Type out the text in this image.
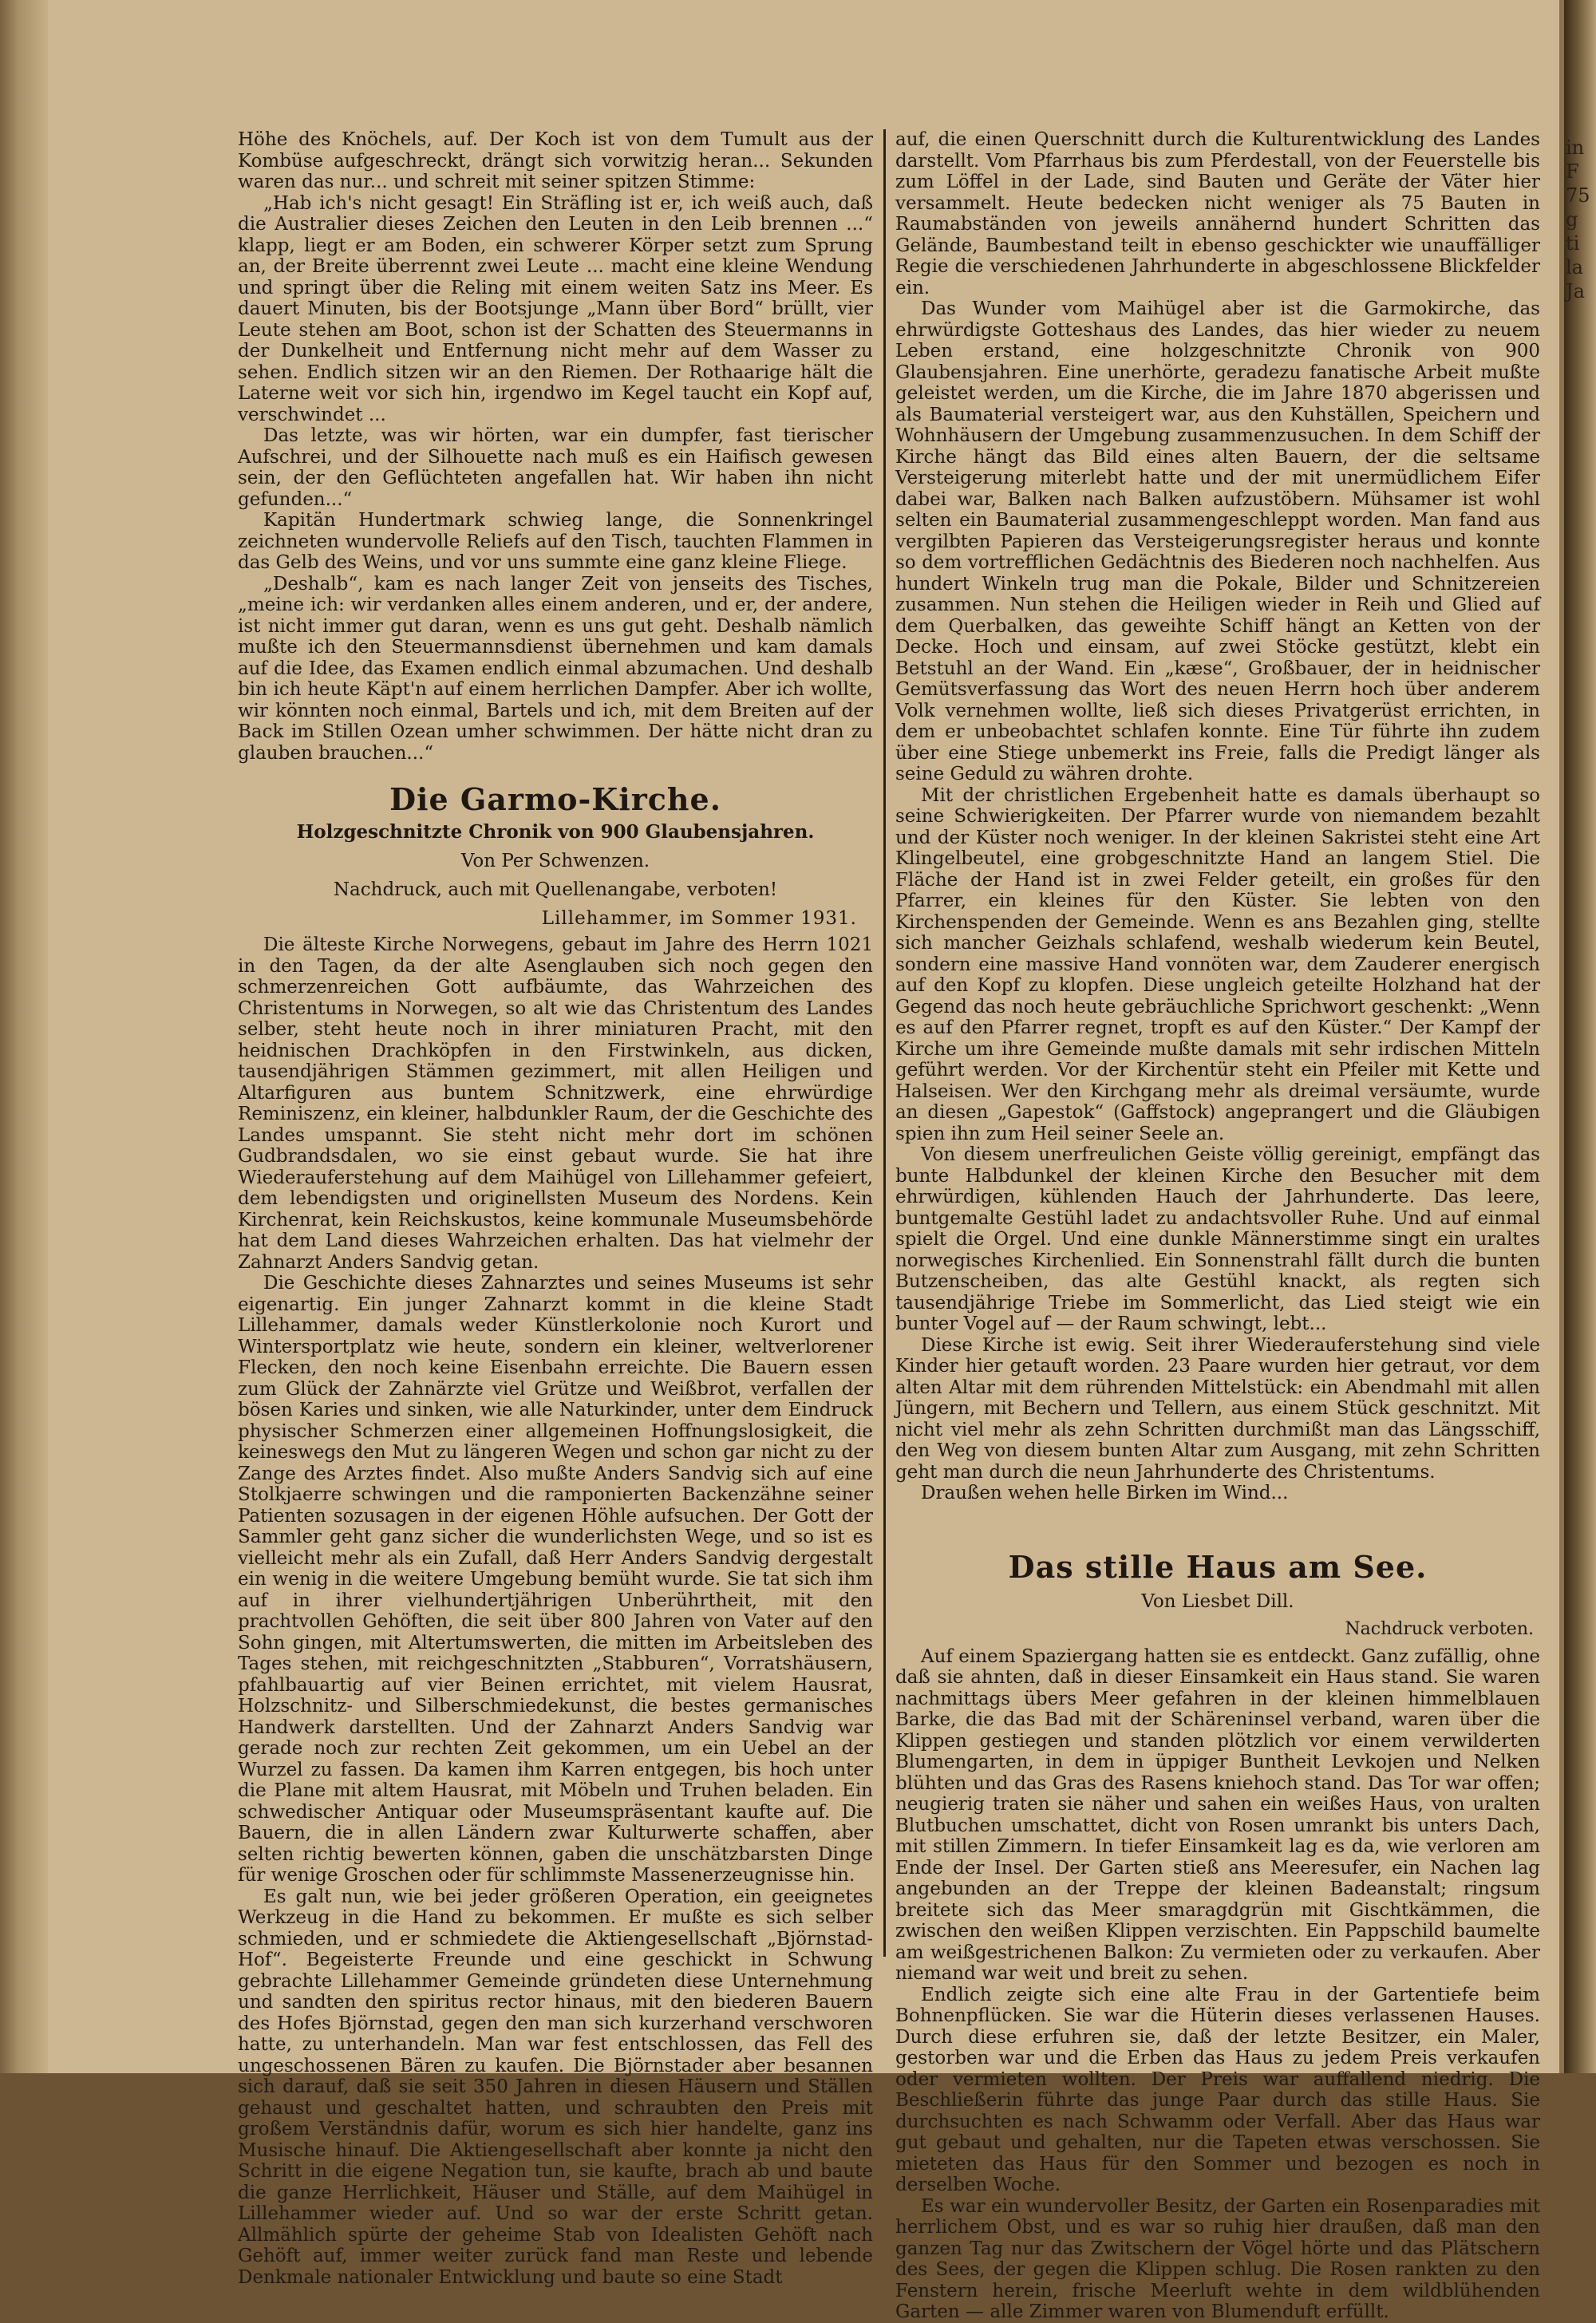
in
F
75
g
ti
la
Ja

Höhe des Knöchels, auf. Der Koch ist von dem Tumult aus der Kombüse aufgeschreckt, drängt sich vorwitzig heran... Sekunden waren das nur... und schreit mit seiner spitzen Stimme:

„Hab ich's nicht gesagt! Ein Sträfling ist er, ich weiß auch, daß die Australier dieses Zeichen den Leuten in den Leib brennen ...“ klapp, liegt er am Boden, ein schwerer Körper setzt zum Sprung an, der Breite überrennt zwei Leute ... macht eine kleine Wendung und springt über die Reling mit einem weiten Satz ins Meer. Es dauert Minuten, bis der Bootsjunge „Mann über Bord“ brüllt, vier Leute stehen am Boot, schon ist der Schatten des Steuermanns in der Dunkelheit und Entfernung nicht mehr auf dem Wasser zu sehen. Endlich sitzen wir an den Riemen. Der Rothaarige hält die Laterne weit vor sich hin, irgendwo im Kegel taucht ein Kopf auf, verschwindet ...

Das letzte, was wir hörten, war ein dumpfer, fast tierischer Aufschrei, und der Silhouette nach muß es ein Haifisch gewesen sein, der den Geflüchteten angefallen hat. Wir haben ihn nicht gefunden...“

Kapitän Hundertmark schwieg lange, die Sonnenkringel zeichneten wundervolle Reliefs auf den Tisch, tauchten Flammen in das Gelb des Weins, und vor uns summte eine ganz kleine Fliege.

„Deshalb“, kam es nach langer Zeit von jenseits des Tisches, „meine ich: wir verdanken alles einem anderen, und er, der andere, ist nicht immer gut daran, wenn es uns gut geht. Deshalb nämlich mußte ich den Steuermannsdienst übernehmen und kam damals auf die Idee, das Examen endlich einmal abzumachen. Und deshalb bin ich heute Käpt'n auf einem herrlichen Dampfer. Aber ich wollte, wir könnten noch einmal, Bartels und ich, mit dem Breiten auf der Back im Stillen Ozean umher schwimmen. Der hätte nicht dran zu glauben brauchen...“

Die Garmo-Kirche.
Holzgeschnitzte Chronik von 900 Glaubensjahren.
Von Per Schwenzen.
Nachdruck, auch mit Quellenangabe, verboten!
Lillehammer, im Sommer 1931.

Die älteste Kirche Norwegens, gebaut im Jahre des Herrn 1021 in den Tagen, da der alte Asenglauben sich noch gegen den schmerzenreichen Gott aufbäumte, das Wahrzeichen des Christentums in Norwegen, so alt wie das Christentum des Landes selber, steht heute noch in ihrer miniaturen Pracht, mit den heidnischen Drachköpfen in den Firstwinkeln, aus dicken, tausendjährigen Stämmen gezimmert, mit allen Heiligen und Altarfiguren aus buntem Schnitzwerk, eine ehrwürdige Reminiszenz, ein kleiner, halbdunkler Raum, der die Geschichte des Landes umspannt. Sie steht nicht mehr dort im schönen Gudbrandsdalen, wo sie einst gebaut wurde. Sie hat ihre Wiederauferstehung auf dem Maihügel von Lillehammer gefeiert, dem lebendigsten und originellsten Museum des Nordens. Kein Kirchenrat, kein Reichskustos, keine kommunale Museumsbehörde hat dem Land dieses Wahrzeichen erhalten. Das hat vielmehr der Zahnarzt Anders Sandvig getan.

Die Geschichte dieses Zahnarztes und seines Museums ist sehr eigenartig. Ein junger Zahnarzt kommt in die kleine Stadt Lillehammer, damals weder Künstlerkolonie noch Kurort und Wintersportplatz wie heute, sondern ein kleiner, weltverlorener Flecken, den noch keine Eisenbahn erreichte. Die Bauern essen zum Glück der Zahnärzte viel Grütze und Weißbrot, verfallen der bösen Karies und sinken, wie alle Naturkinder, unter dem Eindruck physischer Schmerzen einer allgemeinen Hoffnungslosigkeit, die keineswegs den Mut zu längeren Wegen und schon gar nicht zu der Zange des Arztes findet. Also mußte Anders Sandvig sich auf eine Stolkjaerre schwingen und die ramponierten Backenzähne seiner Patienten sozusagen in der eigenen Höhle aufsuchen. Der Gott der Sammler geht ganz sicher die wunderlichsten Wege, und so ist es vielleicht mehr als ein Zufall, daß Herr Anders Sandvig dergestalt ein wenig in die weitere Umgebung bemüht wurde. Sie tat sich ihm auf in ihrer vielhundertjährigen Unberührtheit, mit den prachtvollen Gehöften, die seit über 800 Jahren von Vater auf den Sohn gingen, mit Altertumswerten, die mitten im Arbeitsleben des Tages stehen, mit reichgeschnitzten „Stabburen“, Vorratshäusern, pfahlbauartig auf vier Beinen errichtet, mit vielem Hausrat, Holzschnitz- und Silberschmiedekunst, die bestes germanisches Handwerk darstellten. Und der Zahnarzt Anders Sandvig war gerade noch zur rechten Zeit gekommen, um ein Uebel an der Wurzel zu fassen. Da kamen ihm Karren entgegen, bis hoch unter die Plane mit altem Hausrat, mit Möbeln und Truhen beladen. Ein schwedischer Antiquar oder Museumspräsentant kaufte auf. Die Bauern, die in allen Ländern zwar Kulturwerte schaffen, aber selten richtig bewerten können, gaben die unschätzbarsten Dinge für wenige Groschen oder für schlimmste Massenerzeugnisse hin.

Es galt nun, wie bei jeder größeren Operation, ein geeignetes Werkzeug in die Hand zu bekommen. Er mußte es sich selber schmieden, und er schmiedete die Aktiengesellschaft „Björnstad-Hof“. Begeisterte Freunde und eine geschickt in Schwung gebrachte Lillehammer Gemeinde gründeten diese Unternehmung und sandten den spiritus rector hinaus, mit den biederen Bauern des Hofes Björnstad, gegen den man sich kurzerhand verschworen hatte, zu unterhandeln. Man war fest entschlossen, das Fell des ungeschossenen Bären zu kaufen. Die Björnstader aber besannen sich darauf, daß sie seit 350 Jahren in diesen Häusern und Ställen gehaust und geschaltet hatten, und schraubten den Preis mit großem Verständnis dafür, worum es sich hier handelte, ganz ins Musische hinauf. Die Aktiengesellschaft aber konnte ja nicht den Schritt in die eigene Negation tun, sie kaufte, brach ab und baute die ganze Herrlichkeit, Häuser und Ställe, auf dem Maihügel in Lillehammer wieder auf. Und so war der erste Schritt getan. Allmählich spürte der geheime Stab von Idealisten Gehöft nach Gehöft auf, immer weiter zurück fand man Reste und lebende Denkmale nationaler Entwicklung und baute so eine Stadt

auf, die einen Querschnitt durch die Kulturentwicklung des Landes darstellt. Vom Pfarrhaus bis zum Pferdestall, von der Feuerstelle bis zum Löffel in der Lade, sind Bauten und Geräte der Väter hier versammelt. Heute bedecken nicht weniger als 75 Bauten in Raumabständen von jeweils annähernd hundert Schritten das Gelände, Baumbestand teilt in ebenso geschickter wie unauffälliger Regie die verschiedenen Jahrhunderte in abgeschlossene Blickfelder ein.

Das Wunder vom Maihügel aber ist die Garmokirche, das ehrwürdigste Gotteshaus des Landes, das hier wieder zu neuem Leben erstand, eine holzgeschnitzte Chronik von 900 Glaubensjahren. Eine unerhörte, geradezu fanatische Arbeit mußte geleistet werden, um die Kirche, die im Jahre 1870 abgerissen und als Baumaterial versteigert war, aus den Kuhställen, Speichern und Wohnhäusern der Umgebung zusammenzusuchen. In dem Schiff der Kirche hängt das Bild eines alten Bauern, der die seltsame Versteigerung miterlebt hatte und der mit unermüdlichem Eifer dabei war, Balken nach Balken aufzustöbern. Mühsamer ist wohl selten ein Baumaterial zusammengeschleppt worden. Man fand aus vergilbten Papieren das Versteigerungsregister heraus und konnte so dem vortrefflichen Gedächtnis des Biederen noch nachhelfen. Aus hundert Winkeln trug man die Pokale, Bilder und Schnitzereien zusammen. Nun stehen die Heiligen wieder in Reih und Glied auf dem Querbalken, das geweihte Schiff hängt an Ketten von der Decke. Hoch und einsam, auf zwei Stöcke gestützt, klebt ein Betstuhl an der Wand. Ein „kæse“, Großbauer, der in heidnischer Gemütsverfassung das Wort des neuen Herrn hoch über anderem Volk vernehmen wollte, ließ sich dieses Privatgerüst errichten, in dem er unbeobachtet schlafen konnte. Eine Tür führte ihn zudem über eine Stiege unbemerkt ins Freie, falls die Predigt länger als seine Geduld zu währen drohte.

Mit der christlichen Ergebenheit hatte es damals überhaupt so seine Schwierigkeiten. Der Pfarrer wurde von niemandem bezahlt und der Küster noch weniger. In der kleinen Sakristei steht eine Art Klingelbeutel, eine grobgeschnitzte Hand an langem Stiel. Die Fläche der Hand ist in zwei Felder geteilt, ein großes für den Pfarrer, ein kleines für den Küster. Sie lebten von den Kirchenspenden der Gemeinde. Wenn es ans Bezahlen ging, stellte sich mancher Geizhals schlafend, weshalb wiederum kein Beutel, sondern eine massive Hand vonnöten war, dem Zauderer energisch auf den Kopf zu klopfen. Diese ungleich geteilte Holzhand hat der Gegend das noch heute gebräuchliche Sprichwort geschenkt: „Wenn es auf den Pfarrer regnet, tropft es auf den Küster.“ Der Kampf der Kirche um ihre Gemeinde mußte damals mit sehr irdischen Mitteln geführt werden. Vor der Kirchentür steht ein Pfeiler mit Kette und Halseisen. Wer den Kirchgang mehr als dreimal versäumte, wurde an diesen „Gapestok“ (Gaffstock) angeprangert und die Gläubigen spien ihn zum Heil seiner Seele an.

Von diesem unerfreulichen Geiste völlig gereinigt, empfängt das bunte Halbdunkel der kleinen Kirche den Besucher mit dem ehrwürdigen, kühlenden Hauch der Jahrhunderte. Das leere, buntgemalte Gestühl ladet zu andachtsvoller Ruhe. Und auf einmal spielt die Orgel. Und eine dunkle Männerstimme singt ein uraltes norwegisches Kirchenlied. Ein Sonnenstrahl fällt durch die bunten Butzenscheiben, das alte Gestühl knackt, als regten sich tausendjährige Triebe im Sommerlicht, das Lied steigt wie ein bunter Vogel auf — der Raum schwingt, lebt...

Diese Kirche ist ewig. Seit ihrer Wiederauferstehung sind viele Kinder hier getauft worden. 23 Paare wurden hier getraut, vor dem alten Altar mit dem rührenden Mittelstück: ein Abendmahl mit allen Jüngern, mit Bechern und Tellern, aus einem Stück geschnitzt. Mit nicht viel mehr als zehn Schritten durchmißt man das Längsschiff, den Weg von diesem bunten Altar zum Ausgang, mit zehn Schritten geht man durch die neun Jahrhunderte des Christentums.

Draußen wehen helle Birken im Wind...

Das stille Haus am See.
Von Liesbet Dill.
Nachdruck verboten.

Auf einem Spaziergang hatten sie es entdeckt. Ganz zufällig, ohne daß sie ahnten, daß in dieser Einsamkeit ein Haus stand. Sie waren nachmittags übers Meer gefahren in der kleinen himmelblauen Barke, die das Bad mit der Schäreninsel verband, waren über die Klippen gestiegen und standen plötzlich vor einem verwilderten Blumengarten, in dem in üppiger Buntheit Levkojen und Nelken blühten und das Gras des Rasens kniehoch stand. Das Tor war offen; neugierig traten sie näher und sahen ein weißes Haus, von uralten Blutbuchen umschattet, dicht von Rosen umrankt bis unters Dach, mit stillen Zimmern. In tiefer Einsamkeit lag es da, wie verloren am Ende der Insel. Der Garten stieß ans Meeresufer, ein Nachen lag angebunden an der Treppe der kleinen Badeanstalt; ringsum breitete sich das Meer smaragdgrün mit Gischtkämmen, die zwischen den weißen Klippen verzischten. Ein Pappschild baumelte am weißgestrichenen Balkon: Zu vermieten oder zu verkaufen. Aber niemand war weit und breit zu sehen.

Endlich zeigte sich eine alte Frau in der Gartentiefe beim Bohnenpflücken. Sie war die Hüterin dieses verlassenen Hauses. Durch diese erfuhren sie, daß der letzte Besitzer, ein Maler, gestorben war und die Erben das Haus zu jedem Preis verkaufen oder vermieten wollten. Der Preis war auffallend niedrig. Die Beschließerin führte das junge Paar durch das stille Haus. Sie durchsuchten es nach Schwamm oder Verfall. Aber das Haus war gut gebaut und gehalten, nur die Tapeten etwas verschossen. Sie mieteten das Haus für den Sommer und bezogen es noch in derselben Woche.

Es war ein wundervoller Besitz, der Garten ein Rosenparadies mit herrlichem Obst, und es war so ruhig hier draußen, daß man den ganzen Tag nur das Zwitschern der Vögel hörte und das Plätschern des Sees, der gegen die Klippen schlug. Die Rosen rankten zu den Fenstern herein, frische Meerluft wehte in dem wildblühenden Garten — alle Zimmer waren von Blumenduft erfüllt.
